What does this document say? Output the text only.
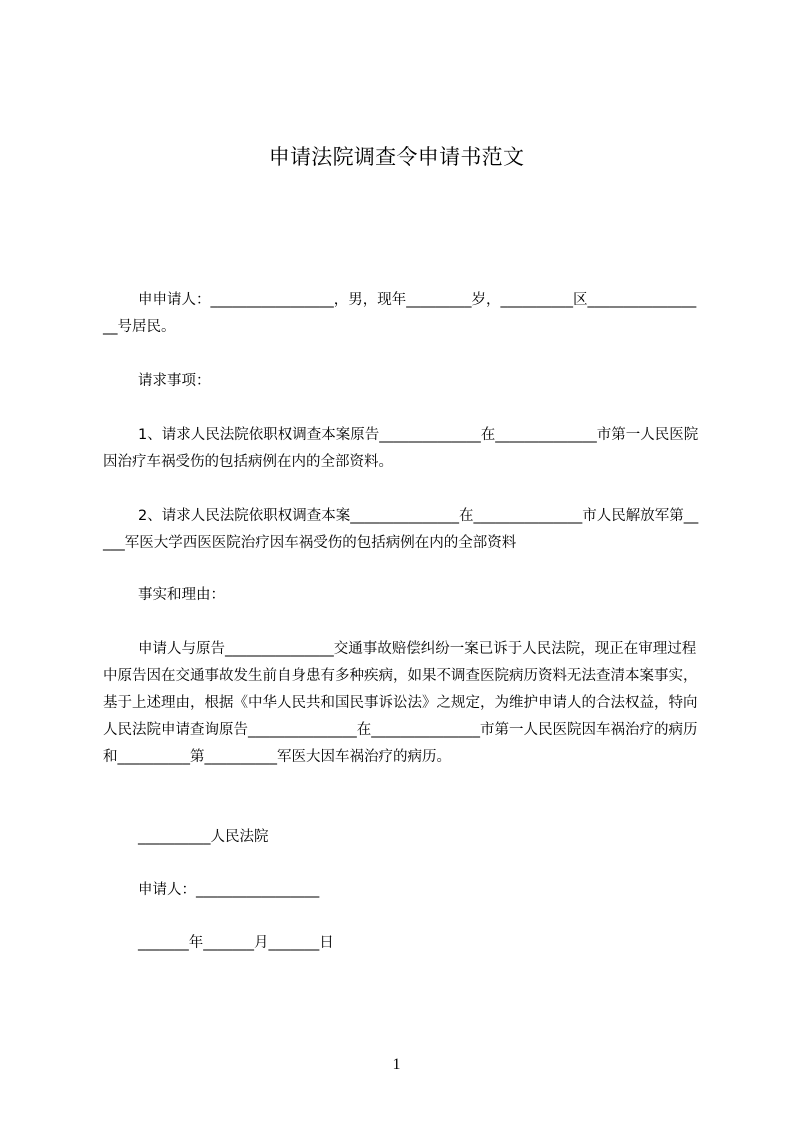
申请法院调查令申请书范文

申申请人：_________________，男，现年_________岁，__________区_________________号居民。

请求事项：

1、请求人民法院依职权调查本案原告______________在______________市第一人民医院因治疗车祸受伤的包括病例在内的全部资料。

2、请求人民法院依职权调查本案_______________在_______________市人民解放军第_____军医大学西医医院治疗因车祸受伤的包括病例在内的全部资料

事实和理由：

申请人与原告_______________交通事故赔偿纠纷一案已诉于人民法院，现正在审理过程中原告因在交通事故发生前自身患有多种疾病，如果不调查医院病历资料无法查清本案事实，基于上述理由，根据《中华人民共和国民事诉讼法》之规定，为维护申请人的合法权益，特向人民法院申请查询原告_______________在_______________市第一人民医院因车祸治疗的病历和__________第__________军医大因车祸治疗的病历。

__________人民法院

申请人：_________________

_______年_______月_______日

1
